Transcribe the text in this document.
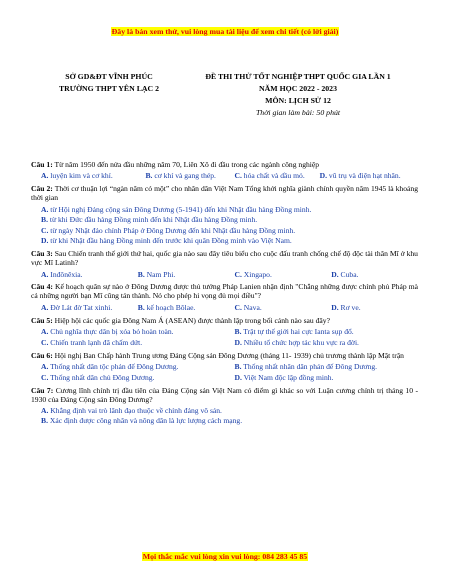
Đây là bản xem thử, vui lòng mua tài liệu để xem chi tiết (có lời giải)
SỞ GD&ĐT VĨNH PHÚC
TRƯỜNG THPT YÊN LẠC 2
ĐỀ THI THỬ TỐT NGHIỆP THPT QUỐC GIA LẦN 1
NĂM HỌC 2022 - 2023
MÔN: LỊCH SỬ 12
Thời gian làm bài: 50 phút
Câu 1: Từ năm 1950 đến nửa đầu những năm 70, Liên Xô đi đầu trong các ngành công nghiệp
A. luyện kim và cơ khí.	B. cơ khí và gang thép.	C. hóa chất và dầu mỏ.	D. vũ trụ và điện hạt nhân.
Câu 2: Thời cơ thuận lợi “ngàn năm có một” cho nhân dân Việt Nam Tổng khởi nghĩa giành chính quyền năm 1945 là khoảng thời gian
A. từ Hội nghị Đảng cộng sản Đông Dương (5-1941) đến khi Nhật đầu hàng Đồng minh.
B. từ khi Đức đầu hàng Đồng minh đến khi Nhật đầu hàng Đồng minh.
C. từ ngày Nhật đảo chính Pháp ở Đông Dương đến khi Nhật đầu hàng Đồng minh.
D. từ khi Nhật đầu hàng Đồng minh đến trước khi quân Đồng minh vào Việt Nam.
Câu 3: Sau Chiến tranh thế giới thứ hai, quốc gia nào sau đây tiêu biểu cho cuộc đấu tranh chống chế độ độc tài thân Mĩ ở khu vực Mĩ Latinh?
A. Inđônêxia.	B. Nam Phi.	C. Xingapo.	D. Cuba.
Câu 4: Kế hoạch quân sự nào ở Đông Dương được thủ tướng Pháp Lanien nhận định "Chẳng những được chính phủ Pháp mà cả những người bạn Mĩ cũng tán thành. Nó cho phép hi vọng đủ mọi điều"?
A. Đờ Lát đờ Tat xinhi.	B. kế hoạch Bôlae.	C. Nava.	D. Rơ ve.
Câu 5: Hiệp hội các quốc gia Đông Nam Á (ASEAN) được thành lập trong bối cảnh nào sau đây?
A. Chủ nghĩa thực dân bị xóa bỏ hoàn toàn.	B. Trật tự thế giới hai cực Ianta sụp đổ.
C. Chiến tranh lạnh đã chấm dứt.	D. Nhiều tổ chức hợp tác khu vực ra đời.
Câu 6: Hội nghị Ban Chấp hành Trung ương Đảng Cộng sản Đông Dương (tháng 11- 1939) chủ trương thành lập Mặt trận
A. Thống nhất dân tộc phản đế Đông Dương.	B. Thống nhất nhân dân phản đế Đông Dương.
C. Thống nhất dân chủ Đông Dương.	D. Việt Nam độc lập đồng minh.
Câu 7: Cương lĩnh chính trị đầu tiên của Đảng Cộng sản Việt Nam có điểm gì khác so với Luận cương chính trị tháng 10 - 1930 của Đảng Cộng sản Đông Dương?
A. Khẳng định vai trò lãnh đạo thuộc về chính đảng vô sản.
B. Xác định được công nhân và nông dân là lực lượng cách mạng.
Mọi thắc mắc vui lòng xin vui lòng: 084 283 45 85
